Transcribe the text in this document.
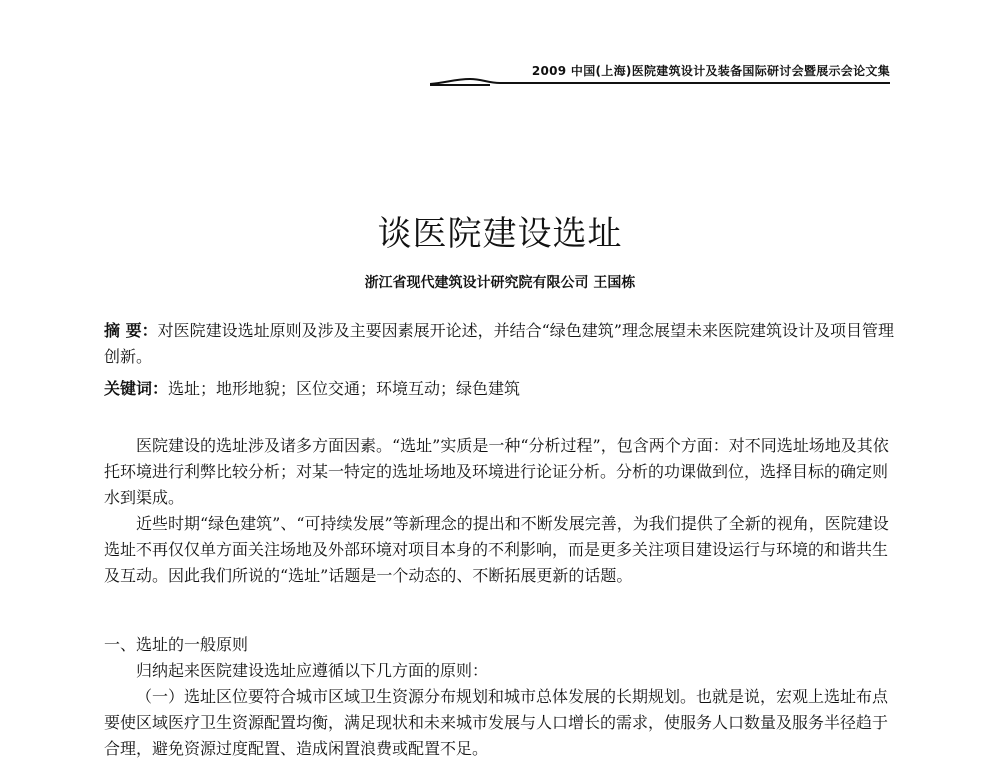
2009 中国(上海)医院建筑设计及装备国际研讨会暨展示会论文集
谈医院建设选址
浙江省现代建筑设计研究院有限公司 王国栋

摘 要：对医院建设选址原则及涉及主要因素展开论述，并结合“绿色建筑”理念展望未来医院建筑设计及项目管理创新。

关键词：选址；地形地貌；区位交通；环境互动；绿色建筑

医院建设的选址涉及诸多方面因素。“选址”实质是一种“分析过程”，包含两个方面：对不同选址场地及其依托环境进行利弊比较分析；对某一特定的选址场地及环境进行论证分析。分析的功课做到位，选择目标的确定则水到渠成。

近些时期“绿色建筑”、“可持续发展”等新理念的提出和不断发展完善，为我们提供了全新的视角，医院建设选址不再仅仅单方面关注场地及外部环境对项目本身的不利影响，而是更多关注项目建设运行与环境的和谐共生及互动。因此我们所说的“选址”话题是一个动态的、不断拓展更新的话题。

一、选址的一般原则

归纳起来医院建设选址应遵循以下几方面的原则：

（一）选址区位要符合城市区域卫生资源分布规划和城市总体发展的长期规划。也就是说，宏观上选址布点要使区域医疗卫生资源配置均衡，满足现状和未来城市发展与人口增长的需求，使服务人口数量及服务半径趋于合理，避免资源过度配置、造成闲置浪费或配置不足。
